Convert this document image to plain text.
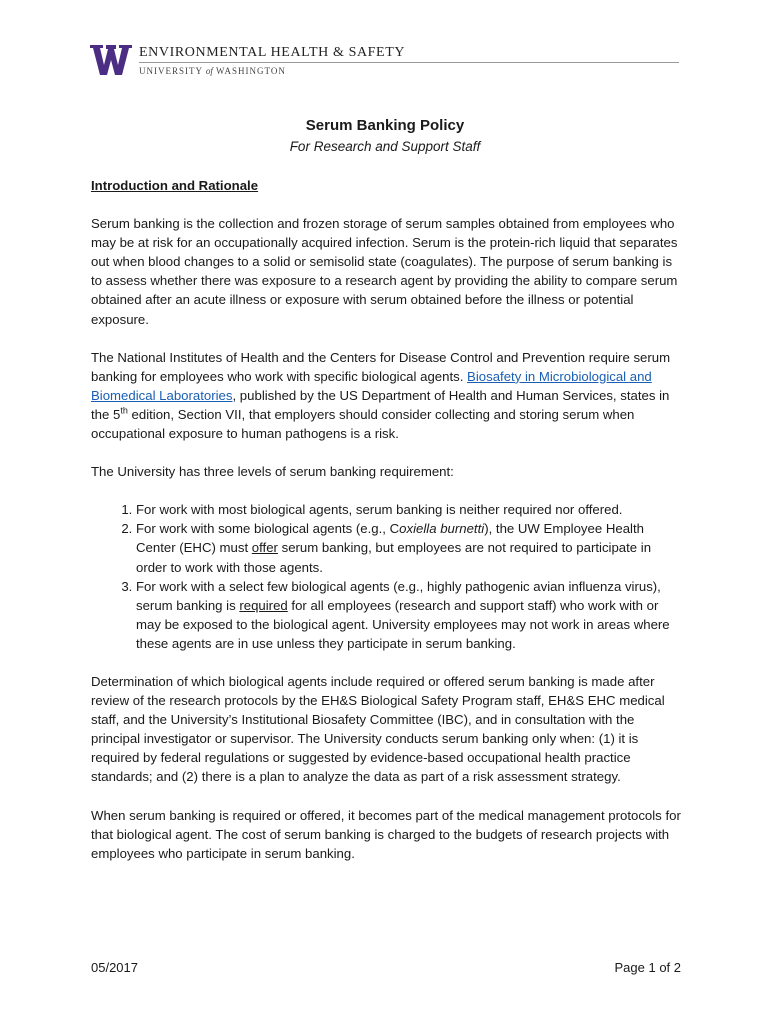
ENVIRONMENTAL HEALTH & SAFETY
UNIVERSITY of WASHINGTON
Serum Banking Policy
For Research and Support Staff
Introduction and Rationale

Serum banking is the collection and frozen storage of serum samples obtained from employees who may be at risk for an occupationally acquired infection. Serum is the protein-rich liquid that separates out when blood changes to a solid or semisolid state (coagulates). The purpose of serum banking is to assess whether there was exposure to a research agent by providing the ability to compare serum obtained after an acute illness or exposure with serum obtained before the illness or potential exposure.

The National Institutes of Health and the Centers for Disease Control and Prevention require serum banking for employees who work with specific biological agents. Biosafety in Microbiological and Biomedical Laboratories, published by the US Department of Health and Human Services, states in the 5th edition, Section VII, that employers should consider collecting and storing serum when occupational exposure to human pathogens is a risk.

The University has three levels of serum banking requirement:

1. For work with most biological agents, serum banking is neither required nor offered.
2. For work with some biological agents (e.g., Coxiella burnetti), the UW Employee Health Center (EHC) must offer serum banking, but employees are not required to participate in order to work with those agents.
3. For work with a select few biological agents (e.g., highly pathogenic avian influenza virus), serum banking is required for all employees (research and support staff) who work with or may be exposed to the biological agent. University employees may not work in areas where these agents are in use unless they participate in serum banking.

Determination of which biological agents include required or offered serum banking is made after review of the research protocols by the EH&S Biological Safety Program staff, EH&S EHC medical staff, and the University’s Institutional Biosafety Committee (IBC), and in consultation with the principal investigator or supervisor. The University conducts serum banking only when: (1) it is required by federal regulations or suggested by evidence-based occupational health practice standards; and (2) there is a plan to analyze the data as part of a risk assessment strategy.

When serum banking is required or offered, it becomes part of the medical management protocols for that biological agent. The cost of serum banking is charged to the budgets of research projects with employees who participate in serum banking.

05/2017	Page 1 of 2
